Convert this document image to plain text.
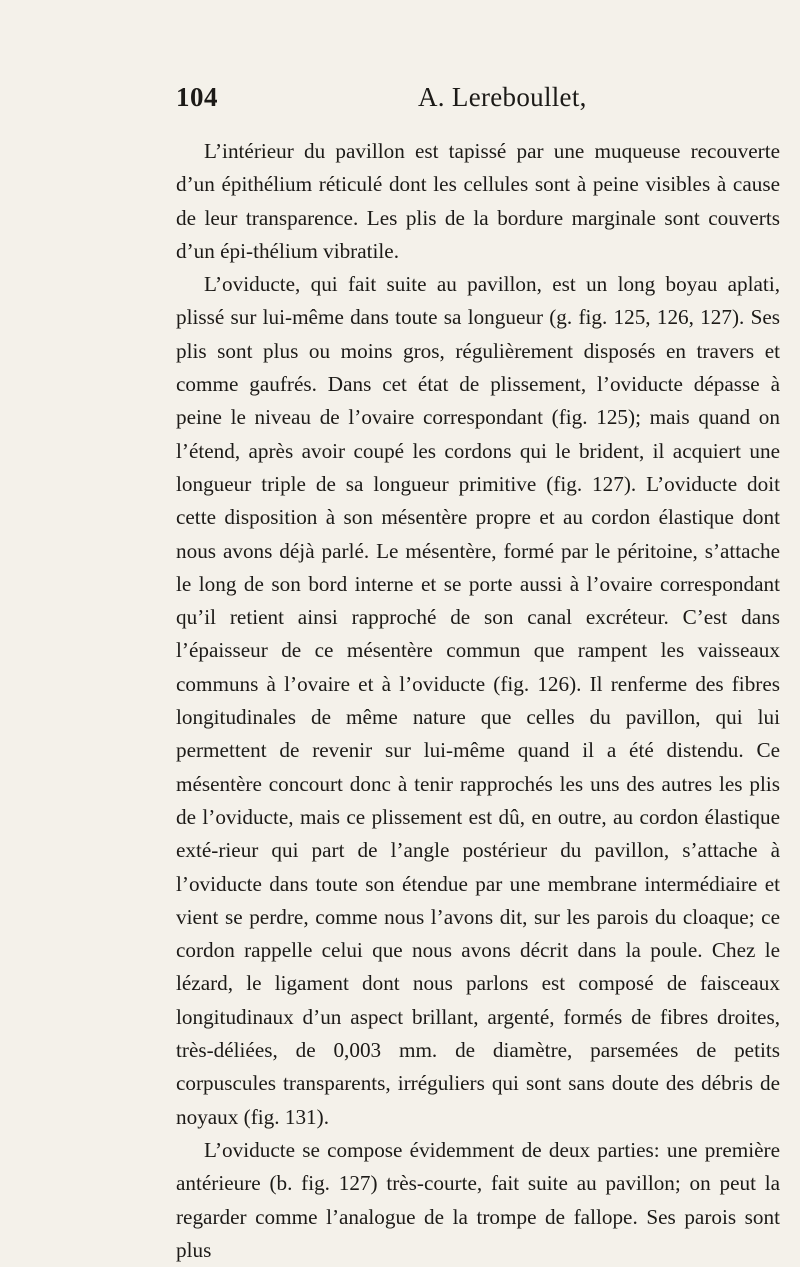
104	A. Lereboullet,

L’intérieur du pavillon est tapissé par une muqueuse recouverte d’un épithélium réticulé dont les cellules sont à peine visibles à cause de leur transparence. Les plis de la bordure marginale sont couverts d’un épi-thélium vibratile.

L’oviducte, qui fait suite au pavillon, est un long boyau aplati, plissé sur lui-même dans toute sa longueur (g. fig. 125, 126, 127). Ses plis sont plus ou moins gros, régulièrement disposés en travers et comme gaufrés. Dans cet état de plissement, l’oviducte dépasse à peine le niveau de l’ovaire correspondant (fig. 125); mais quand on l’étend, après avoir coupé les cordons qui le brident, il acquiert une longueur triple de sa longueur primitive (fig. 127). L’oviducte doit cette disposition à son mésentère propre et au cordon élastique dont nous avons déjà parlé. Le mésentère, formé par le péritoine, s’attache le long de son bord interne et se porte aussi à l’ovaire correspondant qu’il retient ainsi rapproché de son canal excréteur. C’est dans l’épaisseur de ce mésentère commun que rampent les vaisseaux communs à l’ovaire et à l’oviducte (fig. 126). Il renferme des fibres longitudinales de même nature que celles du pavillon, qui lui permettent de revenir sur lui-même quand il a été distendu. Ce mésentère concourt donc à tenir rapprochés les uns des autres les plis de l’oviducte, mais ce plissement est dû, en outre, au cordon élastique exté-rieur qui part de l’angle postérieur du pavillon, s’attache à l’oviducte dans toute son étendue par une membrane intermédiaire et vient se perdre, comme nous l’avons dit, sur les parois du cloaque; ce cordon rappelle celui que nous avons décrit dans la poule. Chez le lézard, le ligament dont nous parlons est composé de faisceaux longitudinaux d’un aspect brillant, argenté, formés de fibres droites, très-déliées, de 0,003 mm. de diamètre, parsemées de petits corpuscules transparents, irréguliers qui sont sans doute des débris de noyaux (fig. 131).

L’oviducte se compose évidemment de deux parties: une première antérieure (b. fig. 127) très-courte, fait suite au pavillon; on peut la regarder comme l’analogue de la trompe de fallope. Ses parois sont plus
